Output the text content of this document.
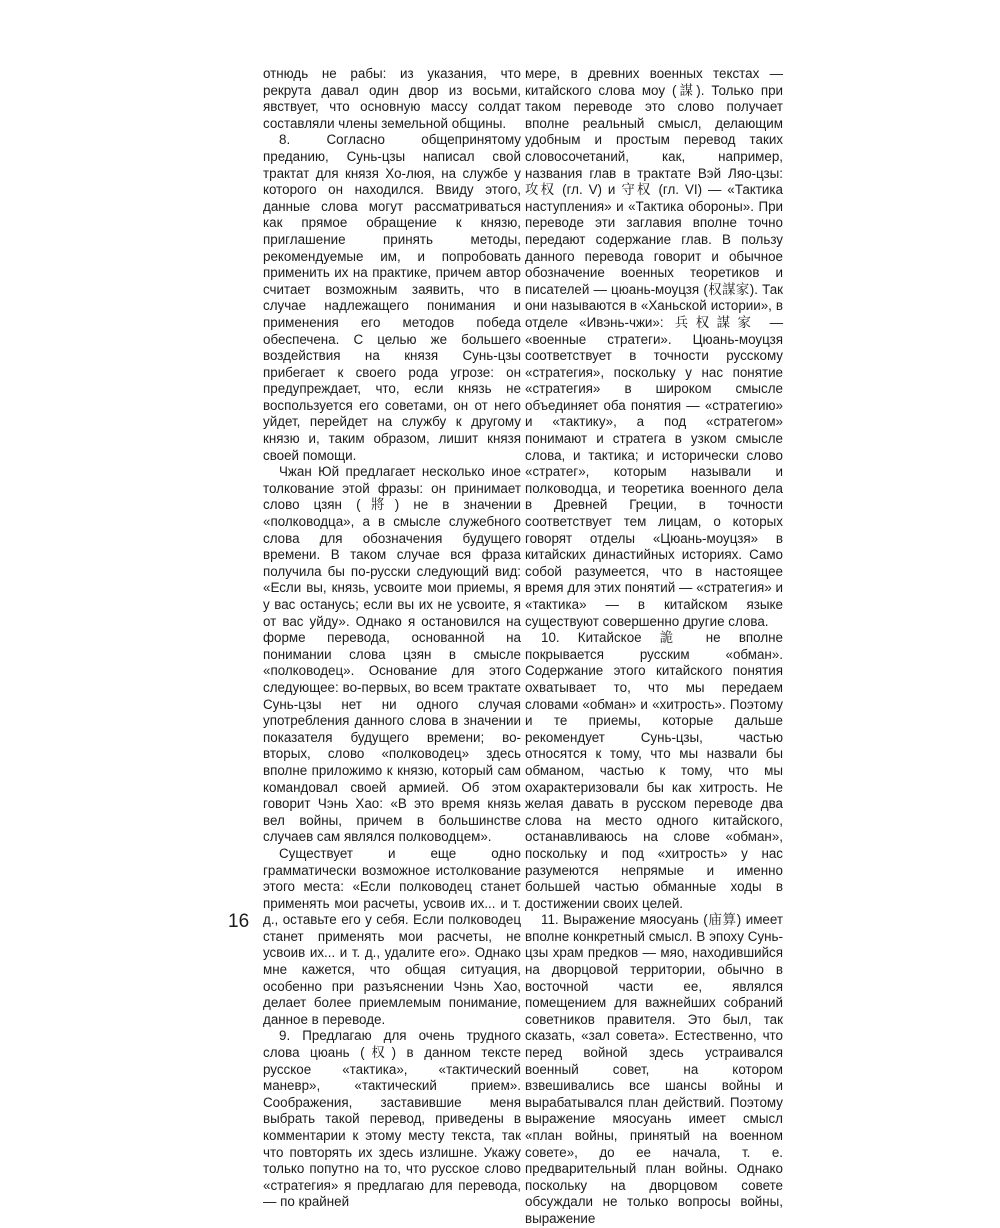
отнюдь не рабы: из указания, что рекрута давал один двор из восьми, явствует, что основную массу солдат составляли члены земельной общины.

8. Согласно общепринятому преданию, Сунь-цзы написал свой трактат для князя Хо-люя, на службе у которого он находился. Ввиду этого, данные слова могут рассматриваться как прямое обращение к князю, приглашение принять методы, рекомендуемые им, и попробовать применить их на практике, причем автор считает возможным заявить, что в случае надлежащего понимания и применения его методов победа обеспечена. С целью же большего воздействия на князя Сунь-цзы прибегает к своего рода угрозе: он предупреждает, что, если князь не воспользуется его советами, он от него уйдет, перейдет на службу к другому князю и, таким образом, лишит князя своей помощи.

Чжан Юй предлагает несколько иное толкование этой фразы: он принимает слово цзян (將) не в значении «полководца», а в смысле служебного слова для обозначения будущего времени. В таком случае вся фраза получила бы по-русски следующий вид: «Если вы, князь, усвоите мои приемы, я у вас останусь; если вы их не усвоите, я от вас уйду». Однако я остановился на форме перевода, основанной на понимании слова цзян в смысле «полководец». Основание для этого следующее: во-первых, во всем трактате Сунь-цзы нет ни одного случая употребления данного слова в значении показателя будущего времени; во-вторых, слово «полководец» здесь вполне приложимо к князю, который сам командовал своей армией. Об этом говорит Чэнь Хао: «В это время князь вел войны, причем в большинстве случаев сам являлся полководцем».

Существует и еще одно грамматически возможное истолкование этого места: «Если полководец станет применять мои расчеты, усвоив их... и т. д., оставьте его у себя. Если полководец станет применять мои расчеты, не усвоив их... и т. д., удалите его». Однако мне кажется, что общая ситуация, особенно при разъяснении Чэнь Хао, делает более приемлемым понимание, данное в переводе.

9. Предлагаю для очень трудного слова цюань (权) в данном тексте русское «тактика», «тактический маневр», «тактический прием». Соображения, заставившие меня выбрать такой перевод, приведены в комментарии к этому месту текста, так что повторять их здесь излишне. Укажу только попутно на то, что русское слово «стратегия» я предлагаю для перевода, — по крайней

мере, в древних военных текстах — китайского слова моу (謀). Только при таком переводе это слово получает вполне реальный смысл, делающим удобным и простым перевод таких словосочетаний, как, например, названия глав в трактате Вэй Ляо-цзы: 攻权 (гл. V) и 守权 (гл. VI) — «Тактика наступления» и «Тактика обороны». При переводе эти заглавия вполне точно передают содержание глав. В пользу данного перевода говорит и обычное обозначение военных теоретиков и писателей — цюань-моуцзя (权謀家). Так они называются в «Ханьской истории», в отделе «Ивэнь-чжи»: 兵权謀家 — «военные стратеги». Цюань-моуцзя соответствует в точности русскому «стратегия», поскольку у нас понятие «стратегия» в широком смысле объединяет оба понятия — «стратегию» и «тактику», а под «стратегом» понимают и стратега в узком смысле слова, и тактика; и исторически слово «стратег», которым называли и полководца, и теоретика военного дела в Древней Греции, в точности соответствует тем лицам, о которых говорят отделы «Цюань-моуцзя» в китайских династийных историях. Само собой разумеется, что в настоящее время для этих понятий — «стратегия» и «тактика» — в китайском языке существуют совершенно другие слова.

10. Китайское 詭 не вполне покрывается русским «обман». Содержание этого китайского понятия охватывает то, что мы передаем словами «обман» и «хитрость». Поэтому и те приемы, которые дальше рекомендует Сунь-цзы, частью относятся к тому, что мы назвали бы обманом, частью к тому, что мы охарактеризовали бы как хитрость. Не желая давать в русском переводе два слова на место одного китайского, останавливаюсь на слове «обман», поскольку и под «хитрость» у нас разумеются непрямые и именно большей частью обманные ходы в достижении своих целей.

11. Выражение мяосуань (庙算) имеет вполне конкретный смысл. В эпоху Сунь-цзы храм предков — мяо, находившийся на дворцовой территории, обычно в восточной части ее, являлся помещением для важнейших собраний советников правителя. Это был, так сказать, «зал совета». Естественно, что перед войной здесь устраивался военный совет, на котором взвешивались все шансы войны и вырабатывался план действий. Поэтому выражение мяосуань имеет смысл «план войны, принятый на военном совете», до ее начала, т. е. предварительный план войны. Однако поскольку на дворцовом совете обсуждали не только вопросы войны, выражение

16
